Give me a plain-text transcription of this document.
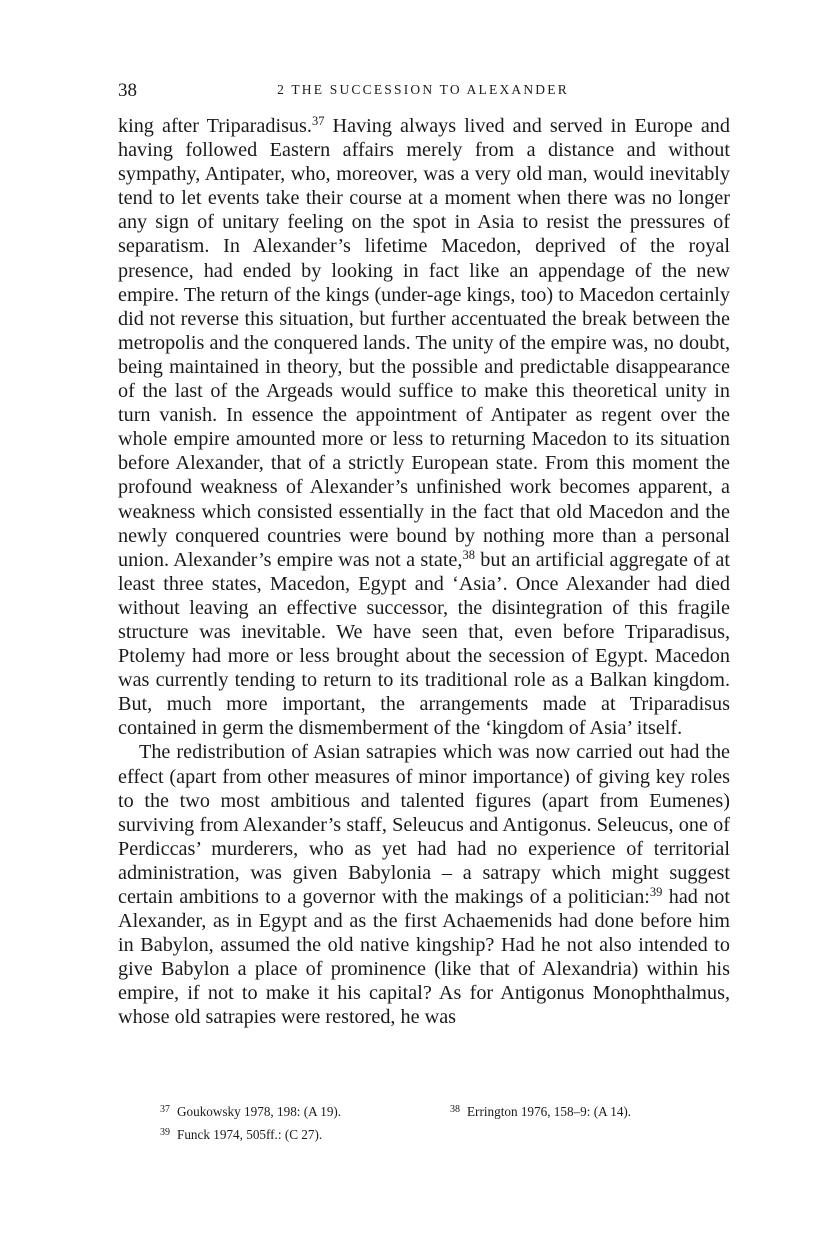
38	2 THE SUCCESSION TO ALEXANDER

king after Triparadisus.$^{37}$ Having always lived and served in Europe and having followed Eastern affairs merely from a distance and without sympathy, Antipater, who, moreover, was a very old man, would inevitably tend to let events take their course at a moment when there was no longer any sign of unitary feeling on the spot in Asia to resist the pressures of separatism. In Alexander’s lifetime Macedon, deprived of the royal presence, had ended by looking in fact like an appendage of the new empire. The return of the kings (under-age kings, too) to Macedon certainly did not reverse this situation, but further accentuated the break between the metropolis and the conquered lands. The unity of the empire was, no doubt, being maintained in theory, but the possible and predictable disappearance of the last of the Argeads would suffice to make this theoretical unity in turn vanish. In essence the appointment of Antipater as regent over the whole empire amounted more or less to returning Macedon to its situation before Alexander, that of a strictly European state. From this moment the profound weakness of Alexander’s unfinished work becomes apparent, a weakness which consisted essentially in the fact that old Macedon and the newly conquered countries were bound by nothing more than a personal union. Alexander’s empire was not a state,$^{38}$ but an artificial aggregate of at least three states, Macedon, Egypt and ‘Asia’. Once Alexander had died without leaving an effective successor, the disintegration of this fragile structure was inevitable. We have seen that, even before Triparadisus, Ptolemy had more or less brought about the secession of Egypt. Macedon was currently tending to return to its traditional role as a Balkan kingdom. But, much more important, the arrangements made at Triparadisus contained in germ the dismemberment of the ‘kingdom of Asia’ itself.

The redistribution of Asian satrapies which was now carried out had the effect (apart from other measures of minor importance) of giving key roles to the two most ambitious and talented figures (apart from Eumenes) surviving from Alexander’s staff, Seleucus and Antigonus. Seleucus, one of Perdiccas’ murderers, who as yet had had no experience of territorial administration, was given Babylonia – a satrapy which might suggest certain ambitions to a governor with the makings of a politician:$^{39}$ had not Alexander, as in Egypt and as the first Achaemenids had done before him in Babylon, assumed the old native kingship? Had he not also intended to give Babylon a place of prominence (like that of Alexandria) within his empire, if not to make it his capital? As for Antigonus Monophthalmus, whose old satrapies were restored, he was

$^{37}$ Goukowsky 1978, 198: (A 19).	$^{38}$ Errington 1976, 158–9: (A 14).
$^{39}$ Funck 1974, 505ff.: (C 27).
